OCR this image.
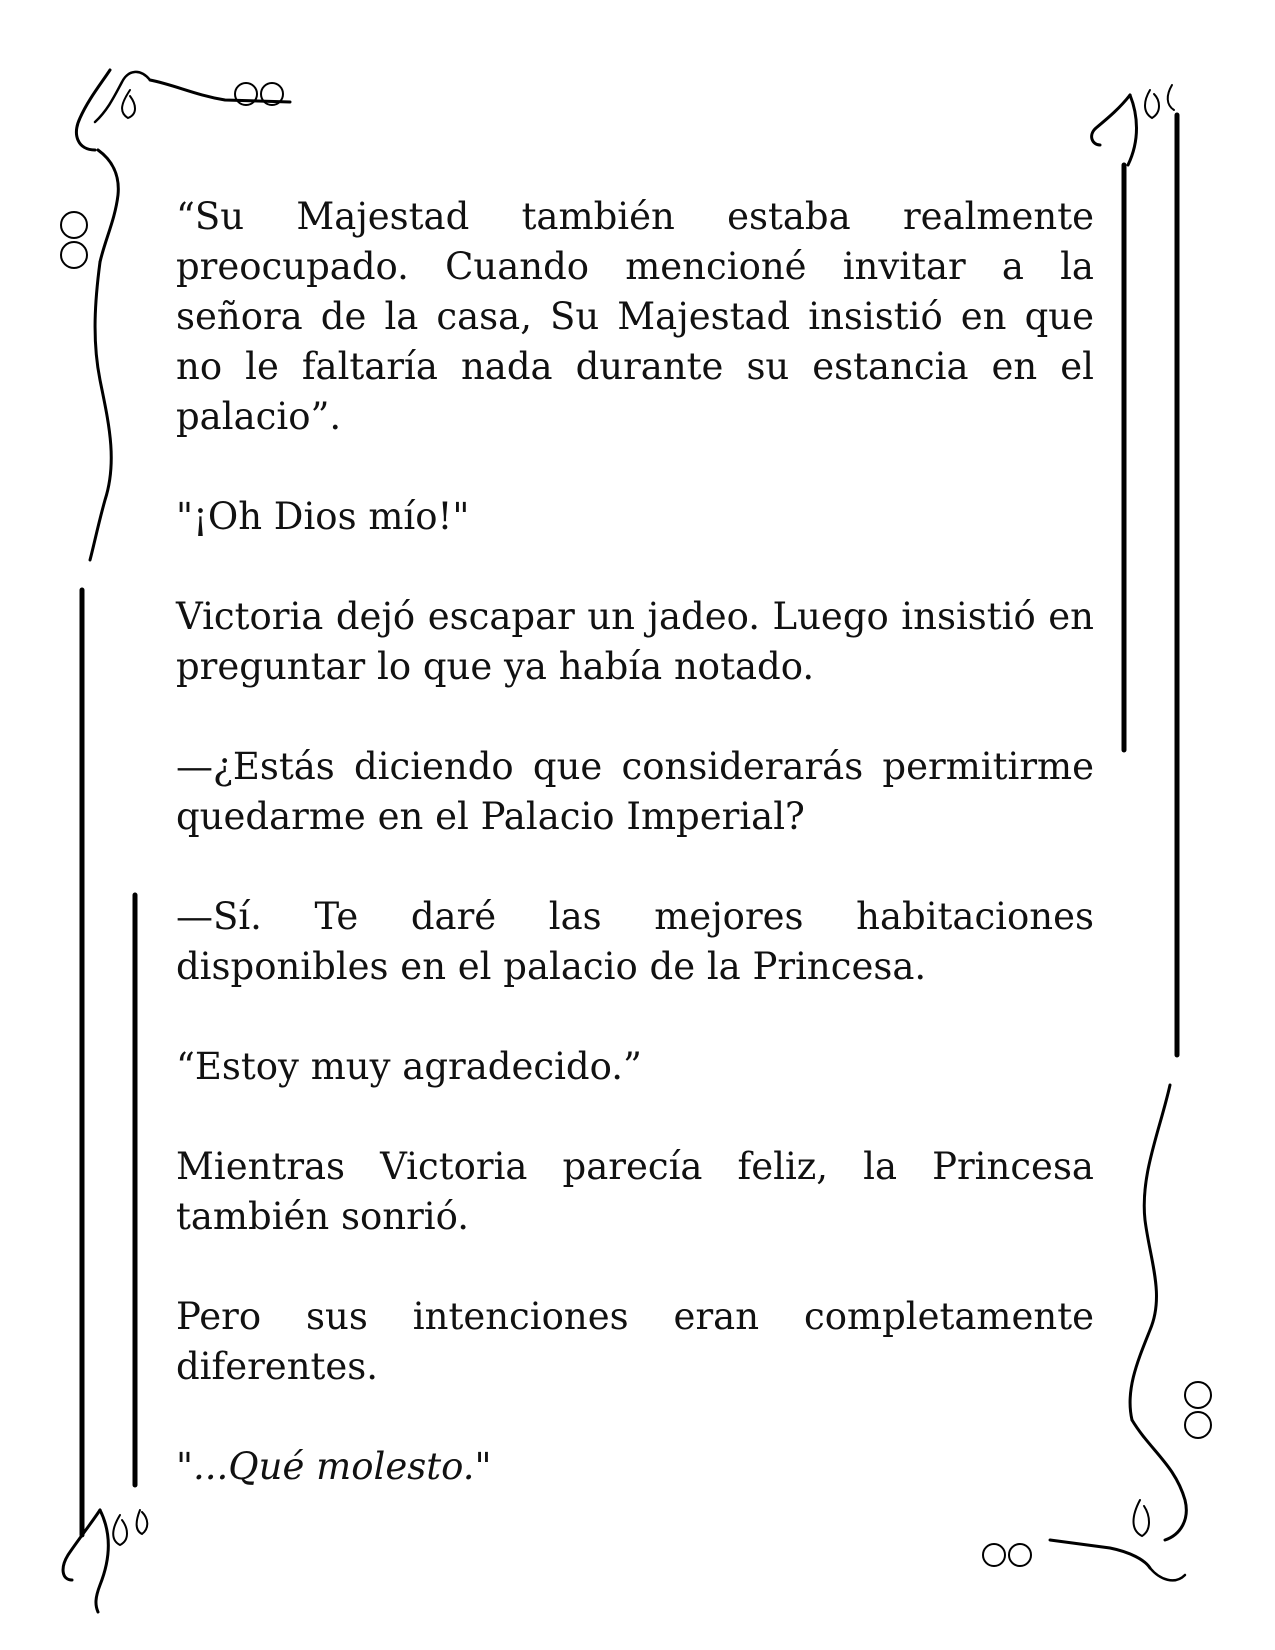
“Su Majestad también estaba realmente preocupado. Cuando mencioné invitar a la señora de la casa, Su Majestad insistió en que no le faltaría nada durante su estancia en el palacio”.

"¡Oh Dios mío!"

Victoria dejó escapar un jadeo. Luego insistió en preguntar lo que ya había notado.

—¿Estás diciendo que considerarás permitirme quedarme en el Palacio Imperial?

—Sí. Te daré las mejores habitaciones disponibles en el palacio de la Princesa.

“Estoy muy agradecido.”

Mientras Victoria parecía feliz, la Princesa también sonrió.

Pero sus intenciones eran completamente diferentes.

"...Qué molesto."
